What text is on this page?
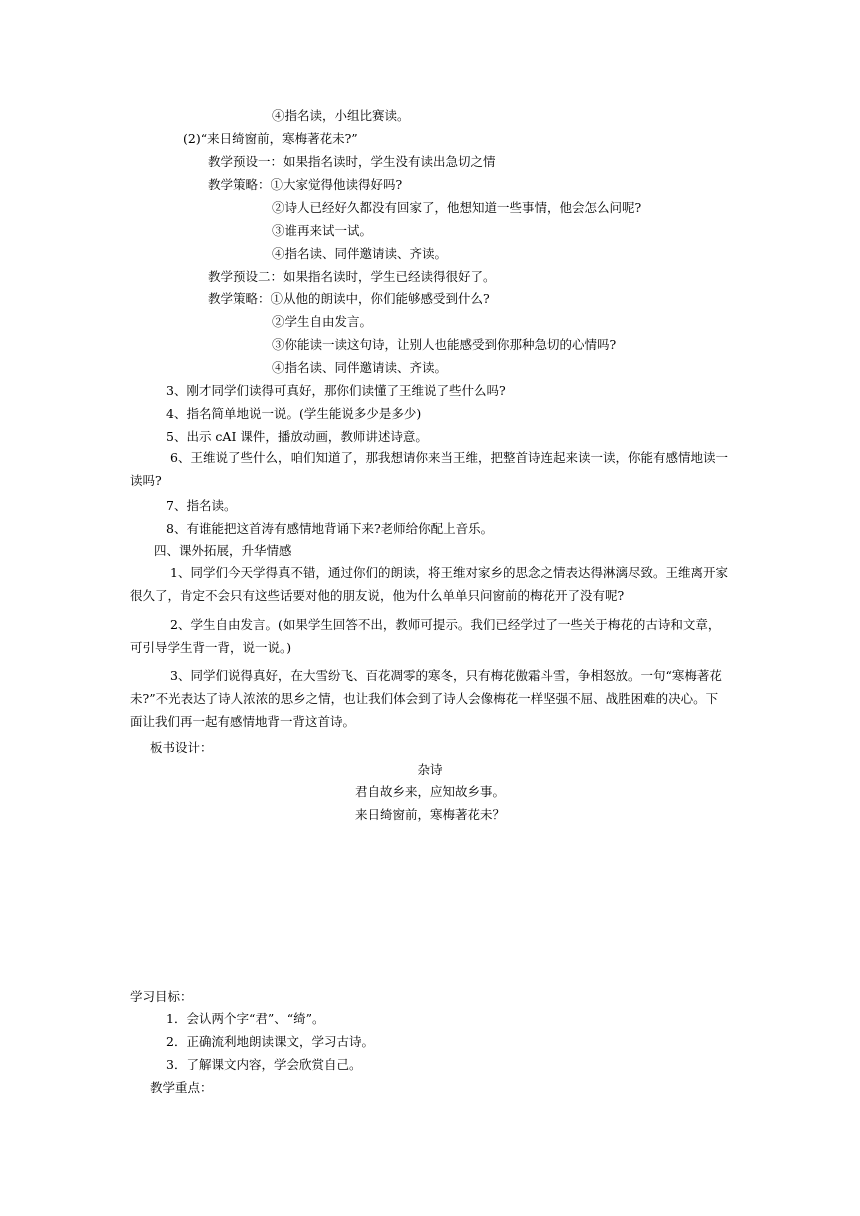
④指名读，小组比赛读。
(2)“来日绮窗前，寒梅著花未?”
教学预设一：如果指名读时，学生没有读出急切之情
教学策略：①大家觉得他读得好吗?
②诗人已经好久都没有回家了，他想知道一些事情，他会怎么问呢?
③谁再来试一试。
④指名读、同伴邀请读、齐读。
教学预设二：如果指名读时，学生已经读得很好了。
教学策略：①从他的朗读中，你们能够感受到什么?
②学生自由发言。
③你能读一读这句诗，让别人也能感受到你那种急切的心情吗?
④指名读、同伴邀请读、齐读。
3、刚才同学们读得可真好，那你们读懂了王维说了些什么吗?
4、指名简单地说一说。(学生能说多少是多少)
5、出示 cAI 课件，播放动画，教师讲述诗意。
6、王维说了些什么，咱们知道了，那我想请你来当王维，把整首诗连起来读一读，你能有感情地读一读吗?
7、指名读。
8、有谁能把这首涛有感情地背诵下来?老师给你配上音乐。
四、课外拓展，升华情感
1、同学们今天学得真不错，通过你们的朗读，将王维对家乡的思念之情表达得淋漓尽致。王维离开家很久了，肯定不会只有这些话要对他的朋友说，他为什么单单只问窗前的梅花开了没有呢?
2、学生自由发言。(如果学生回答不出，教师可提示。我们已经学过了一些关于梅花的古诗和文章，可引导学生背一背，说一说。)
3、同学们说得真好，在大雪纷飞、百花凋零的寒冬，只有梅花傲霜斗雪，争相怒放。一句“寒梅著花未?”不光表达了诗人浓浓的思乡之情，也让我们体会到了诗人会像梅花一样坚强不屈、战胜困难的决心。下面让我们再一起有感情地背一背这首诗。
板书设计：
杂诗
君自故乡来，应知故乡事。
来日绮窗前，寒梅著花未？
学习目标：
1．会认两个字“君”、“绮”。
2．正确流利地朗读课文，学习古诗。
3．了解课文内容，学会欣赏自己。
教学重点：
